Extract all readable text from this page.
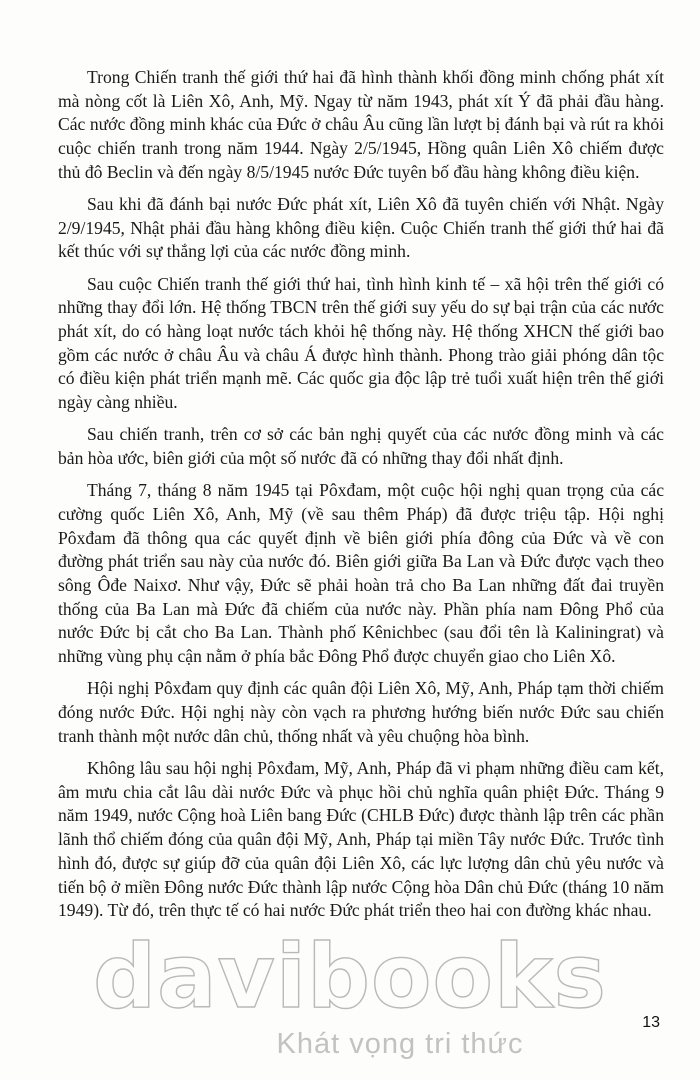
Trong Chiến tranh thế giới thứ hai đã hình thành khối đồng minh chống phát xít mà nòng cốt là Liên Xô, Anh, Mỹ. Ngay từ năm 1943, phát xít Ý đã phải đầu hàng. Các nước đồng minh khác của Đức ở châu Âu cũng lần lượt bị đánh bại và rút ra khỏi cuộc chiến tranh trong năm 1944. Ngày 2/5/1945, Hồng quân Liên Xô chiếm được thủ đô Beclin và đến ngày 8/5/1945 nước Đức tuyên bố đầu hàng không điều kiện.

Sau khi đã đánh bại nước Đức phát xít, Liên Xô đã tuyên chiến với Nhật. Ngày 2/9/1945, Nhật phải đầu hàng không điều kiện. Cuộc Chiến tranh thế giới thứ hai đã kết thúc với sự thắng lợi của các nước đồng minh.

Sau cuộc Chiến tranh thế giới thứ hai, tình hình kinh tế – xã hội trên thế giới có những thay đổi lớn. Hệ thống TBCN trên thế giới suy yếu do sự bại trận của các nước phát xít, do có hàng loạt nước tách khỏi hệ thống này. Hệ thống XHCN thế giới bao gồm các nước ở châu Âu và châu Á được hình thành. Phong trào giải phóng dân tộc có điều kiện phát triển mạnh mẽ. Các quốc gia độc lập trẻ tuổi xuất hiện trên thế giới ngày càng nhiều.

Sau chiến tranh, trên cơ sở các bản nghị quyết của các nước đồng minh và các bản hòa ước, biên giới của một số nước đã có những thay đổi nhất định.

Tháng 7, tháng 8 năm 1945 tại Pôxđam, một cuộc hội nghị quan trọng của các cường quốc Liên Xô, Anh, Mỹ (về sau thêm Pháp) đã được triệu tập. Hội nghị Pôxđam đã thông qua các quyết định về biên giới phía đông của Đức và về con đường phát triển sau này của nước đó. Biên giới giữa Ba Lan và Đức được vạch theo sông Ôđe Naixơ. Như vậy, Đức sẽ phải hoàn trả cho Ba Lan những đất đai truyền thống của Ba Lan mà Đức đã chiếm của nước này. Phần phía nam Đông Phổ của nước Đức bị cắt cho Ba Lan. Thành phố Kênichbec (sau đổi tên là Kaliningrat) và những vùng phụ cận nằm ở phía bắc Đông Phổ được chuyển giao cho Liên Xô.

Hội nghị Pôxđam quy định các quân đội Liên Xô, Mỹ, Anh, Pháp tạm thời chiếm đóng nước Đức. Hội nghị này còn vạch ra phương hướng biến nước Đức sau chiến tranh thành một nước dân chủ, thống nhất và yêu chuộng hòa bình.

Không lâu sau hội nghị Pôxđam, Mỹ, Anh, Pháp đã vi phạm những điều cam kết, âm mưu chia cắt lâu dài nước Đức và phục hồi chủ nghĩa quân phiệt Đức. Tháng 9 năm 1949, nước Cộng hoà Liên bang Đức (CHLB Đức) được thành lập trên các phần lãnh thổ chiếm đóng của quân đội Mỹ, Anh, Pháp tại miền Tây nước Đức. Trước tình hình đó, được sự giúp đỡ của quân đội Liên Xô, các lực lượng dân chủ yêu nước và tiến bộ ở miền Đông nước Đức thành lập nước Cộng hòa Dân chủ Đức (tháng 10 năm 1949). Từ đó, trên thực tế có hai nước Đức phát triển theo hai con đường khác nhau.

davibooks
Khát vọng tri thức
13
